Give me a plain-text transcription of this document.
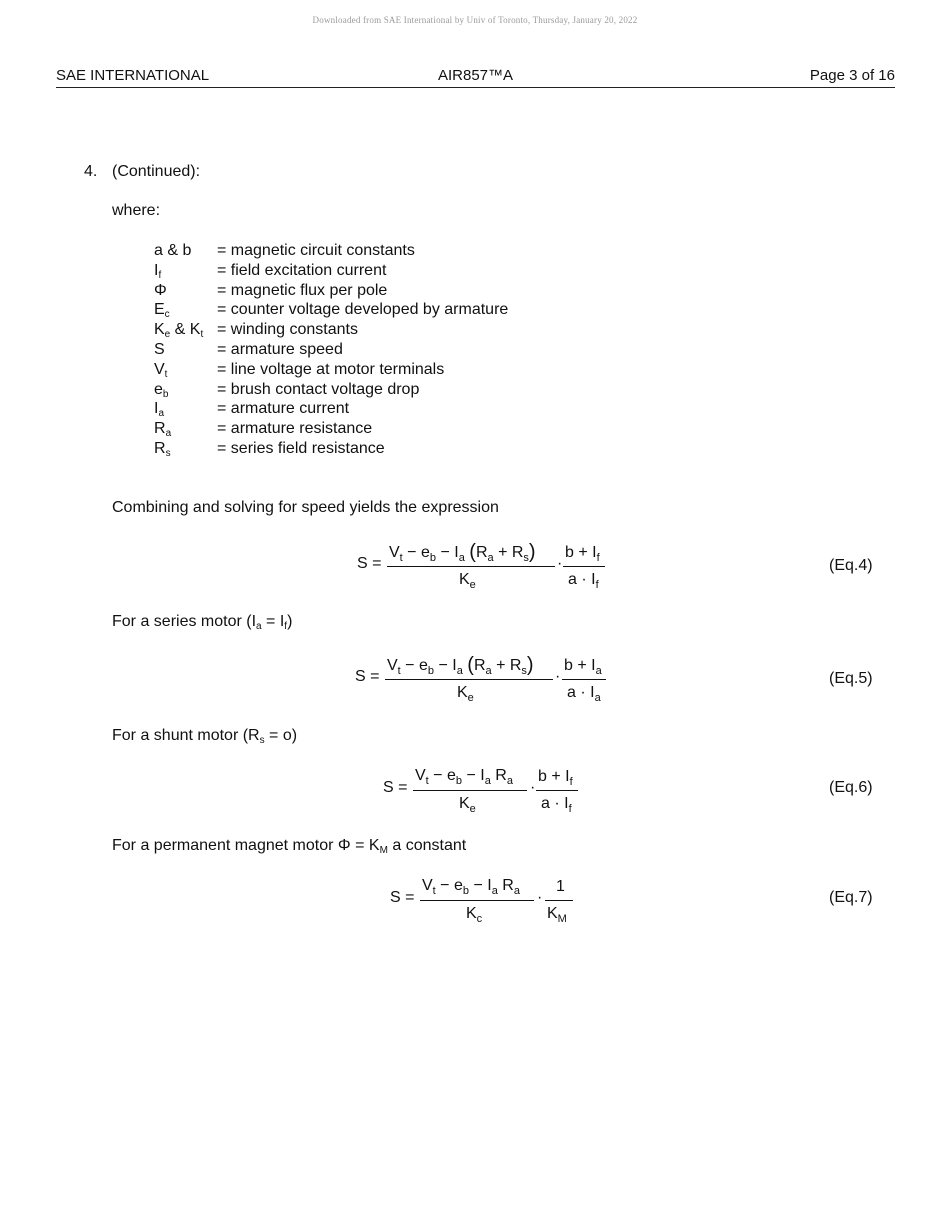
Downloaded from SAE International by Univ of Toronto, Thursday, January 20, 2022
SAE INTERNATIONAL	AIR857™A	Page 3 of 16
4. (Continued):
where:
a & b = magnetic circuit constants
$I_f$	= field excitation current
Φ	= magnetic flux per pole
$E_c$	= counter voltage developed by armature
$K_e$ & $K_t$ = winding constants
S	= armature speed
$V_t$	= line voltage at motor terminals
$e_b$	= brush contact voltage drop
$I_a$	= armature current
$R_a$	= armature resistance
$R_s$	= series field resistance
Combining and solving for speed yields the expression
S =
$V_t - e_b - I_a$ $(R_a + R_s)$
$K_e$
·
$b + I_f$
$a \cdot I_f$
(Eq.4)
For a series motor $(I_a = I_f)$
S =
$V_t - e_b - I_a$ $(R_a + R_s)$
$K_e$
·
$b + I_a$
$a \cdot I_a$
(Eq.5)
For a shunt motor $(R_s = o)$
S =
$V_t - e_b - I_a$ $R_a$
$K_e$
·
$b + I_f$
$a \cdot I_f$
(Eq.6)
For a permanent magnet motor $\Phi = K_M$ a constant
S =
$V_t - e_b - I_a$ $R_a$
$K_c$
·
1
$K_M$
(Eq.7)
